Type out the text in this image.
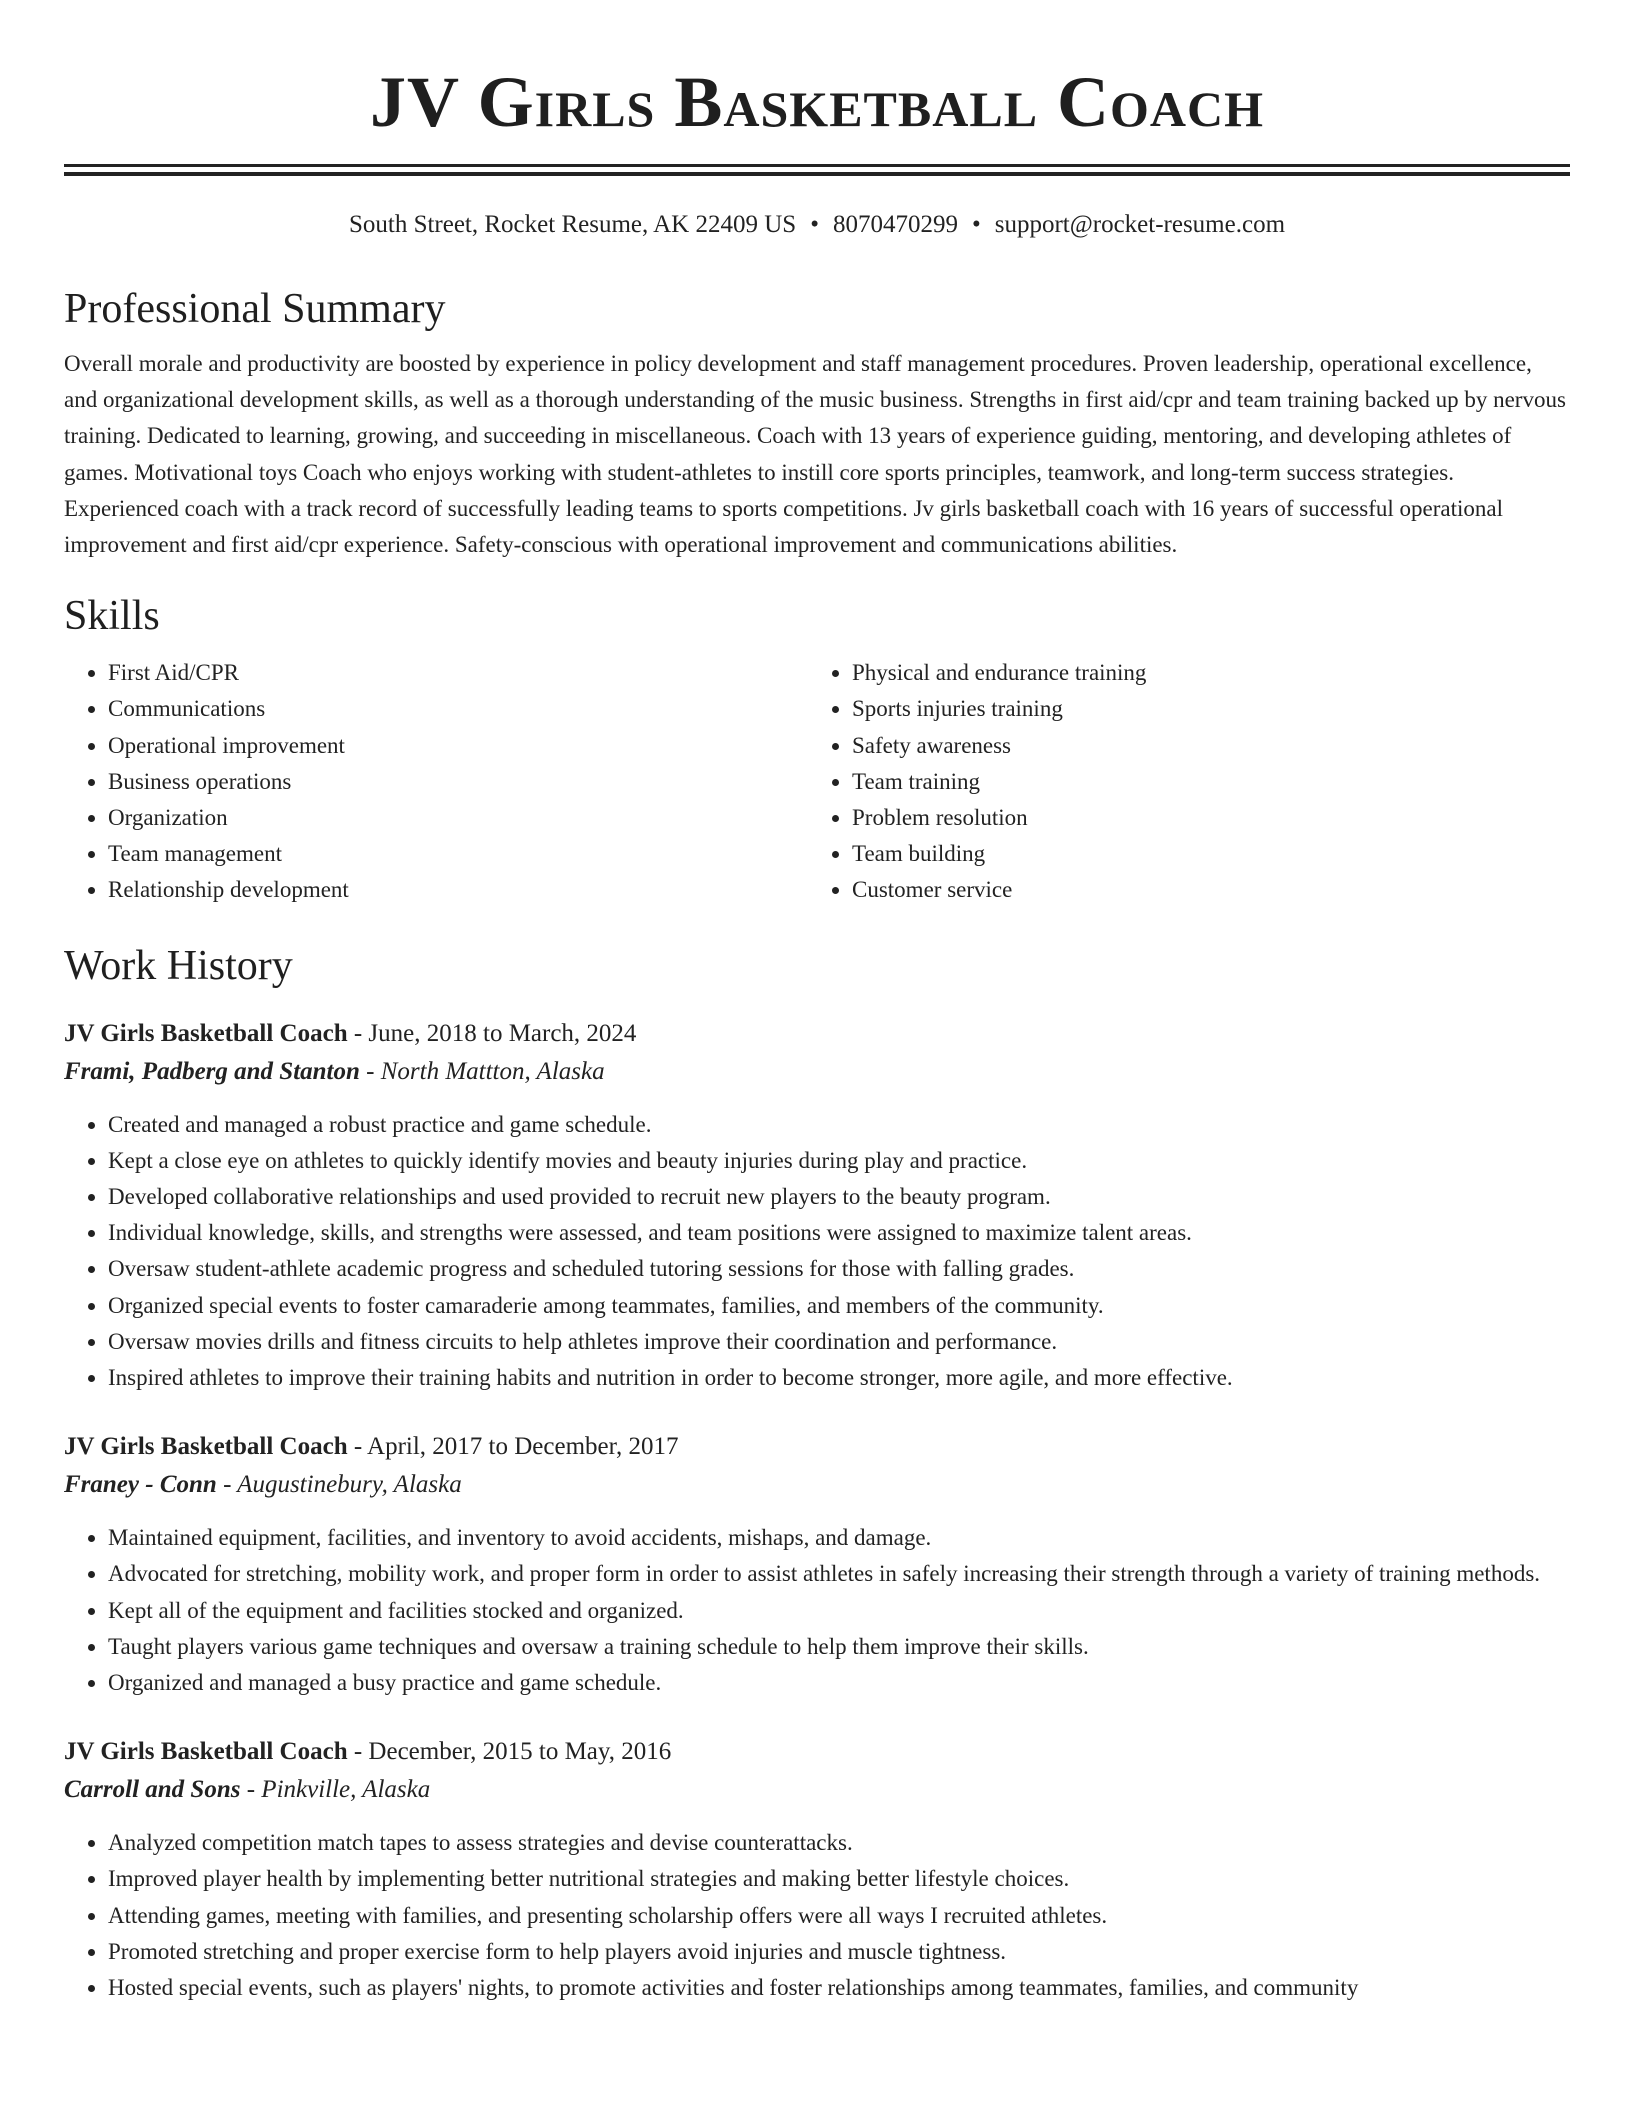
JV Girls Basketball Coach
South Street, Rocket Resume, AK 22409 US • 8070470299 • support@rocket-resume.com
Professional Summary
Overall morale and productivity are boosted by experience in policy development and staff management procedures. Proven leadership, operational excellence, and organizational development skills, as well as a thorough understanding of the music business. Strengths in first aid/cpr and team training backed up by nervous training. Dedicated to learning, growing, and succeeding in miscellaneous. Coach with 13 years of experience guiding, mentoring, and developing athletes of games. Motivational toys Coach who enjoys working with student-athletes to instill core sports principles, teamwork, and long-term success strategies. Experienced coach with a track record of successfully leading teams to sports competitions. Jv girls basketball coach with 16 years of successful operational improvement and first aid/cpr experience. Safety-conscious with operational improvement and communications abilities.
Skills
• First Aid/CPR
• Communications
• Operational improvement
• Business operations
• Organization
• Team management
• Relationship development
• Physical and endurance training
• Sports injuries training
• Safety awareness
• Team training
• Problem resolution
• Team building
• Customer service
Work History
JV Girls Basketball Coach - June, 2018 to March, 2024
Frami, Padberg and Stanton - North Mattton, Alaska
• Created and managed a robust practice and game schedule.
• Kept a close eye on athletes to quickly identify movies and beauty injuries during play and practice.
• Developed collaborative relationships and used provided to recruit new players to the beauty program.
• Individual knowledge, skills, and strengths were assessed, and team positions were assigned to maximize talent areas.
• Oversaw student-athlete academic progress and scheduled tutoring sessions for those with falling grades.
• Organized special events to foster camaraderie among teammates, families, and members of the community.
• Oversaw movies drills and fitness circuits to help athletes improve their coordination and performance.
• Inspired athletes to improve their training habits and nutrition in order to become stronger, more agile, and more effective.
JV Girls Basketball Coach - April, 2017 to December, 2017
Franey - Conn - Augustinebury, Alaska
• Maintained equipment, facilities, and inventory to avoid accidents, mishaps, and damage.
• Advocated for stretching, mobility work, and proper form in order to assist athletes in safely increasing their strength through a variety of training methods.
• Kept all of the equipment and facilities stocked and organized.
• Taught players various game techniques and oversaw a training schedule to help them improve their skills.
• Organized and managed a busy practice and game schedule.
JV Girls Basketball Coach - December, 2015 to May, 2016
Carroll and Sons - Pinkville, Alaska
• Analyzed competition match tapes to assess strategies and devise counterattacks.
• Improved player health by implementing better nutritional strategies and making better lifestyle choices.
• Attending games, meeting with families, and presenting scholarship offers were all ways I recruited athletes.
• Promoted stretching and proper exercise form to help players avoid injuries and muscle tightness.
• Hosted special events, such as players' nights, to promote activities and foster relationships among teammates, families, and community
